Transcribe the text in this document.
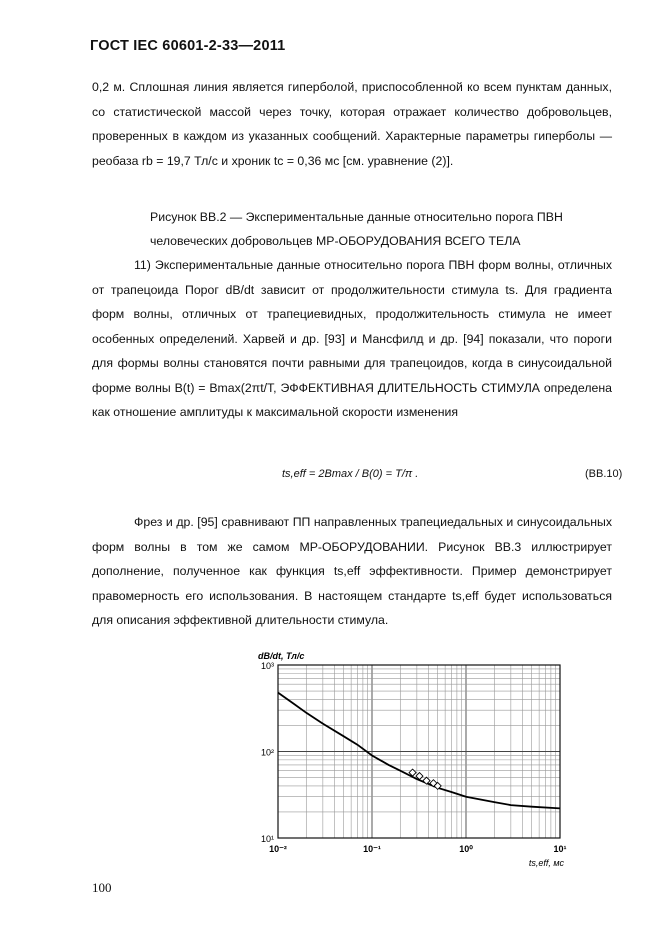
ГОСТ IEC 60601-2-33—2011
0,2 м. Сплошная линия является гиперболой, приспособленной ко всем пунктам данных, со статистической массой через точку, которая отражает количество добровольцев, проверенных в каждом из указанных сообщений. Характерные параметры гиперболы — реобаза rb = 19,7 Тл/с и хроник tc = 0,36 мс [см. уравнение (2)].
Рисунок ВВ.2 — Экспериментальные данные относительно порога ПВН
человеческих добровольцев МР-ОБОРУДОВАНИЯ ВСЕГО ТЕЛА
11) Экспериментальные данные относительно порога ПВН форм волны, отличных от трапецоида Порог dB/dt зависит от продолжительности стимула ts. Для градиента форм волны, отличных от трапециевидных, продолжительность стимула не имеет особенных определений. Харвей и др. [93] и Мансфилд и др. [94] показали, что пороги для формы волны становятся почти равными для трапецоидов, когда в синусоидальной форме волны B(t) = Bmax(2πt/T, ЭФФЕКТИВНАЯ ДЛИТЕЛЬНОСТЬ СТИМУЛА определена как отношение амплитуды к максимальной скорости изменения
ts,eff = 2Bmax / B(0) = T/π .	(BB.10)
Фрез и др. [95] сравнивают ПП направленных трапециедальных и синусоидальных форм волны в том же самом МР-ОБОРУДОВАНИИ. Рисунок ВВ.3 иллюстрирует дополнение, полученное как функция ts,eff эффективности. Пример демонстрирует правомерность его использования. В настоящем стандарте ts,eff будет использоваться для описания эффективной длительности стимула.
10⁻²	10⁻¹	10⁰	10¹
10³
10²
10¹
dB/dt, Тл/с
ts,eff, мс
100
